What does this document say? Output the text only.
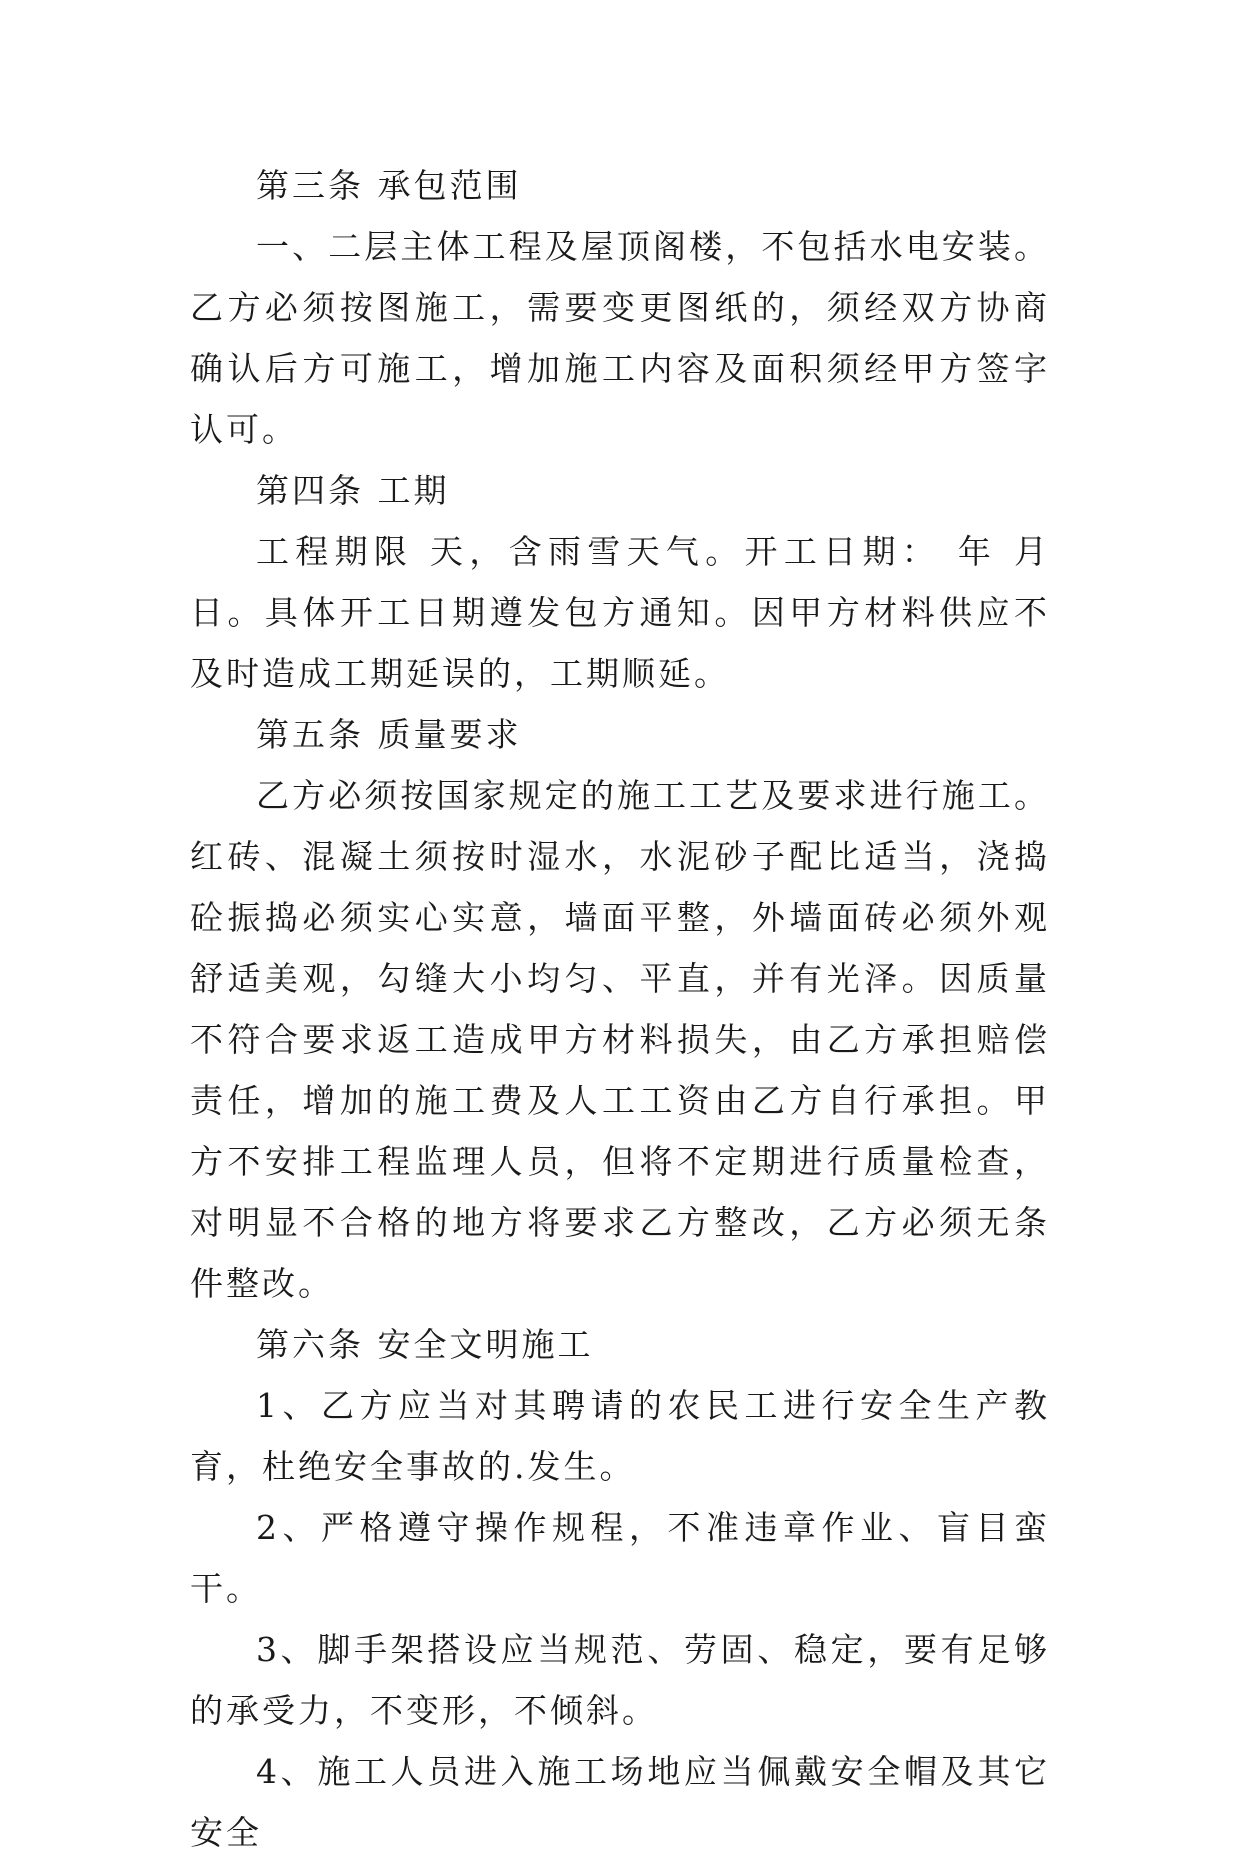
第三条 承包范围

一、二层主体工程及屋顶阁楼，不包括水电安装。乙方必须按图施工，需要变更图纸的，须经双方协商确认后方可施工，增加施工内容及面积须经甲方签字认可。

第四条 工期

工程期限 天，含雨雪天气。开工日期： 年 月 日。具体开工日期遵发包方通知。因甲方材料供应不及时造成工期延误的，工期顺延。

第五条 质量要求

乙方必须按国家规定的施工工艺及要求进行施工。红砖、混凝土须按时湿水，水泥砂子配比适当，浇捣砼振捣必须实心实意，墙面平整，外墙面砖必须外观舒适美观，勾缝大小均匀、平直，并有光泽。因质量不符合要求返工造成甲方材料损失，由乙方承担赔偿责任，增加的施工费及人工工资由乙方自行承担。甲方不安排工程监理人员，但将不定期进行质量检查，对明显不合格的地方将要求乙方整改，乙方必须无条件整改。

第六条 安全文明施工

1、乙方应当对其聘请的农民工进行安全生产教育，杜绝安全事故的.发生。

2、严格遵守操作规程，不准违章作业、盲目蛮干。

3、脚手架搭设应当规范、劳固、稳定，要有足够的承受力，不变形，不倾斜。

4、施工人员进入施工场地应当佩戴安全帽及其它安全
